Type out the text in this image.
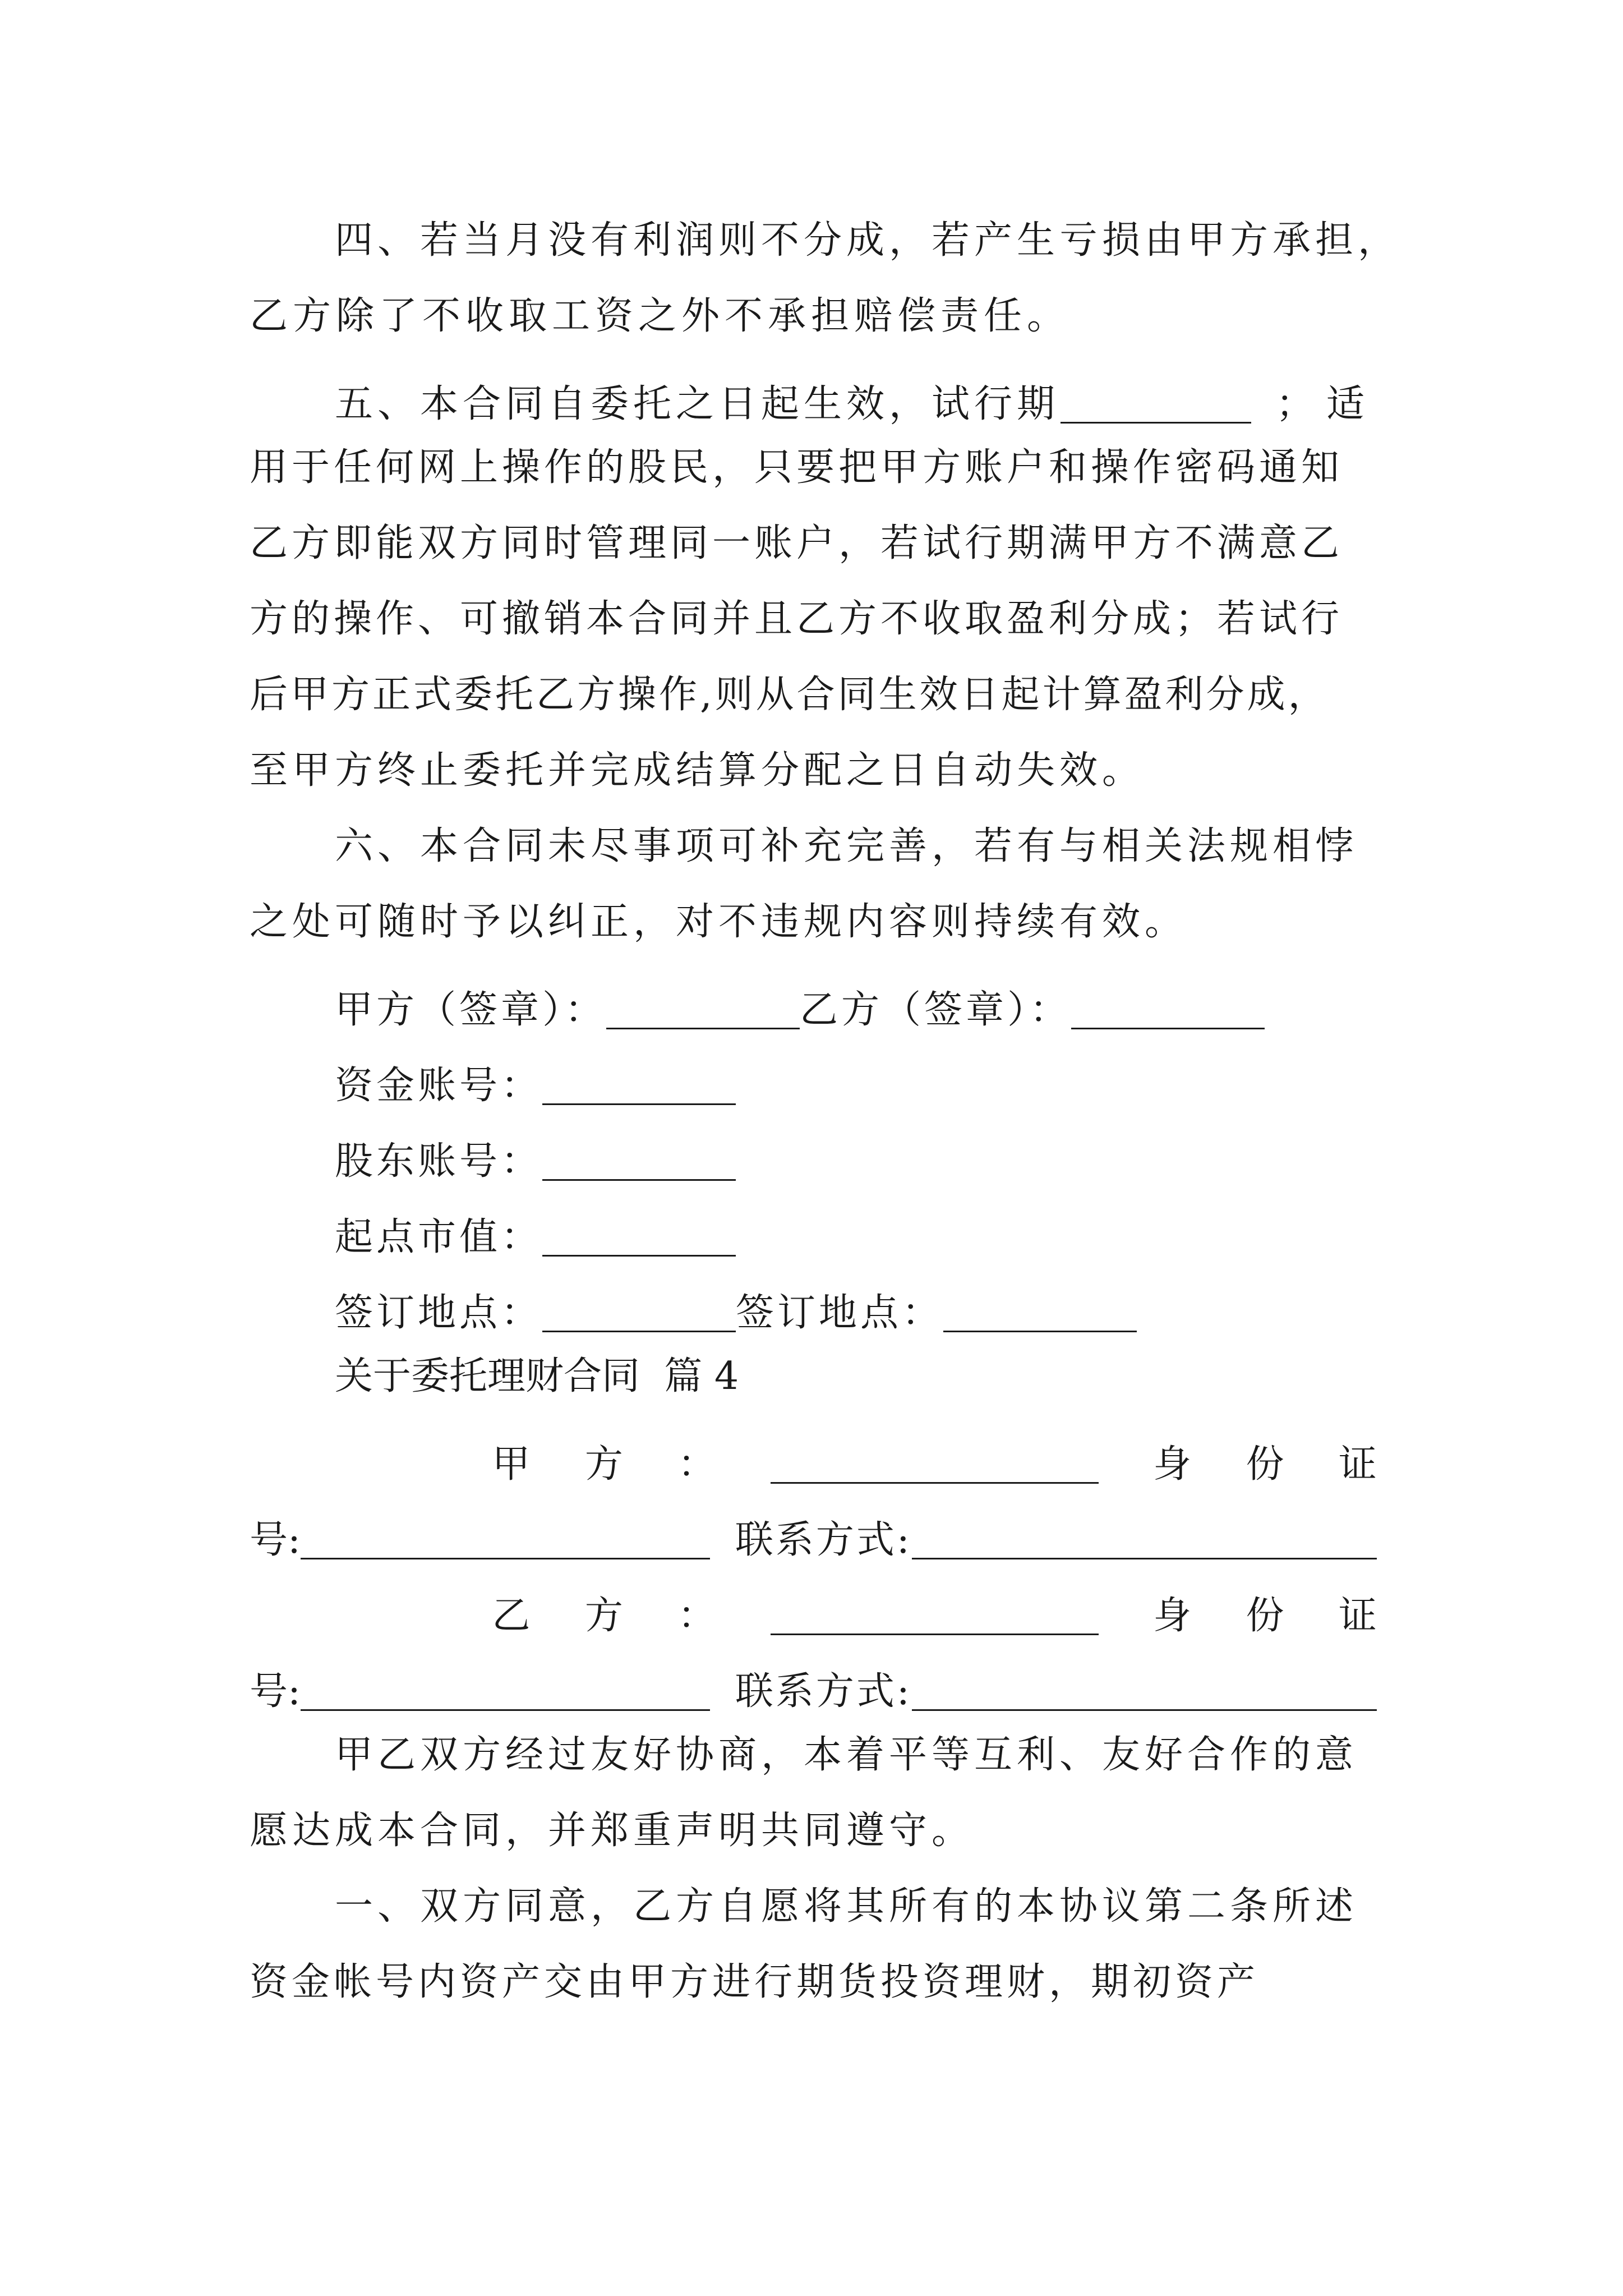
四、若当月没有利润则不分成，若产生亏损由甲方承担，
乙方除了不收取工资之外不承担赔偿责任。
五、本合同自委托之日起生效，试行期	；适
用于任何网上操作的股民，只要把甲方账户和操作密码通知
乙方即能双方同时管理同一账户，若试行期满甲方不满意乙
方的操作、可撤销本合同并且乙方不收取盈利分成；若试行
后甲方正式委托乙方操作,则从合同生效日起计算盈利分成，
至甲方终止委托并完成结算分配之日自动失效。
六、本合同未尽事项可补充完善，若有与相关法规相悖
之处可随时予以纠正，对不违规内容则持续有效。
甲方（签章）：	乙方（签章）：
资金账号：
股东账号：
起点市值：
签订地点：	签订地点：
关于委托理财合同  篇 4
甲 方 ：	身 份 证
号:	联系方式:
乙 方 ：	身 份 证
号:	联系方式:
甲乙双方经过友好协商，本着平等互利、友好合作的意
愿达成本合同，并郑重声明共同遵守。
一、双方同意，乙方自愿将其所有的本协议第二条所述
资金帐号内资产交由甲方进行期货投资理财，期初资产
